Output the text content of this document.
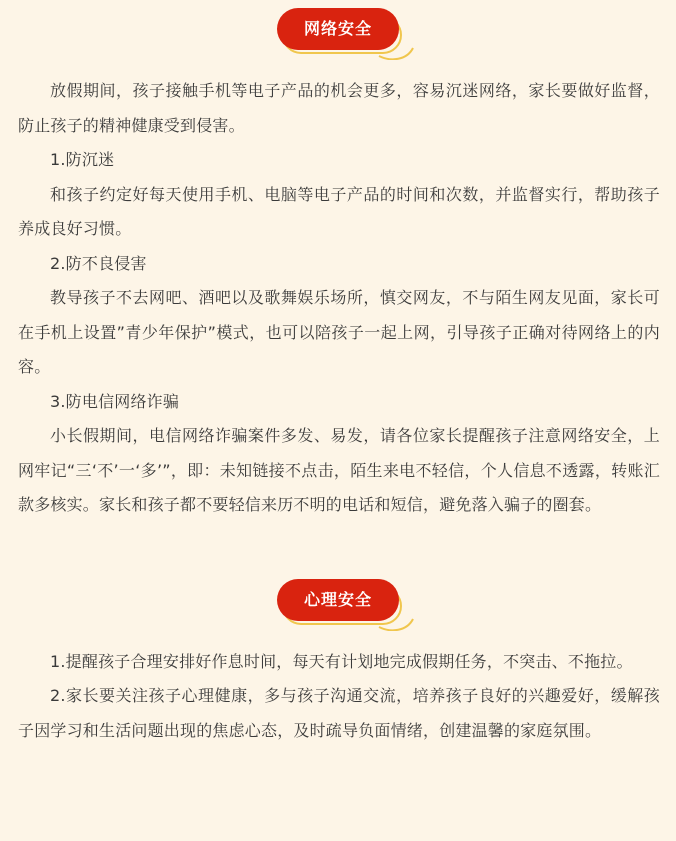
网络安全

放假期间，孩子接触手机等电子产品的机会更多，容易沉迷网络，家长要做好监督，防止孩子的精神健康受到侵害。

1.防沉迷

和孩子约定好每天使用手机、电脑等电子产品的时间和次数，并监督实行，帮助孩子养成良好习惯。

2.防不良侵害

教导孩子不去网吧、酒吧以及歌舞娱乐场所，慎交网友，不与陌生网友见面，家长可在手机上设置”青少年保护”模式，也可以陪孩子一起上网，引导孩子正确对待网络上的内容。

3.防电信网络诈骗

小长假期间，电信网络诈骗案件多发、易发，请各位家长提醒孩子注意网络安全，上网牢记“三‘不’一‘多’”，即：未知链接不点击，陌生来电不轻信，个人信息不透露，转账汇款多核实。家长和孩子都不要轻信来历不明的电话和短信，避免落入骗子的圈套。

心理安全

1.提醒孩子合理安排好作息时间，每天有计划地完成假期任务，不突击、不拖拉。

2.家长要关注孩子心理健康，多与孩子沟通交流，培养孩子良好的兴趣爱好，缓解孩子因学习和生活问题出现的焦虑心态，及时疏导负面情绪，创建温馨的家庭氛围。
